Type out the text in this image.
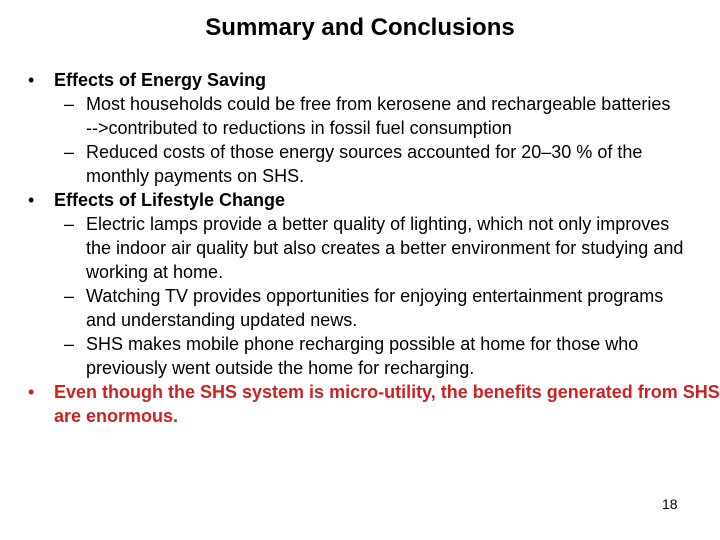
Summary and Conclusions
• Effects of Energy Saving
– Most households could be free from kerosene and rechargeable batteries
-->contributed to reductions in fossil fuel consumption
– Reduced costs of those energy sources accounted for 20–30 % of the monthly payments on SHS.
• Effects of Lifestyle Change
– Electric lamps provide a better quality of lighting, which not only improves the indoor air quality but also creates a better environment for studying and working at home.
– Watching TV provides opportunities for enjoying entertainment programs and understanding updated news.
– SHS makes mobile phone recharging possible at home for those who previously went outside the home for recharging.
• Even though the SHS system is micro-utility, the benefits generated from SHS are enormous.
18
